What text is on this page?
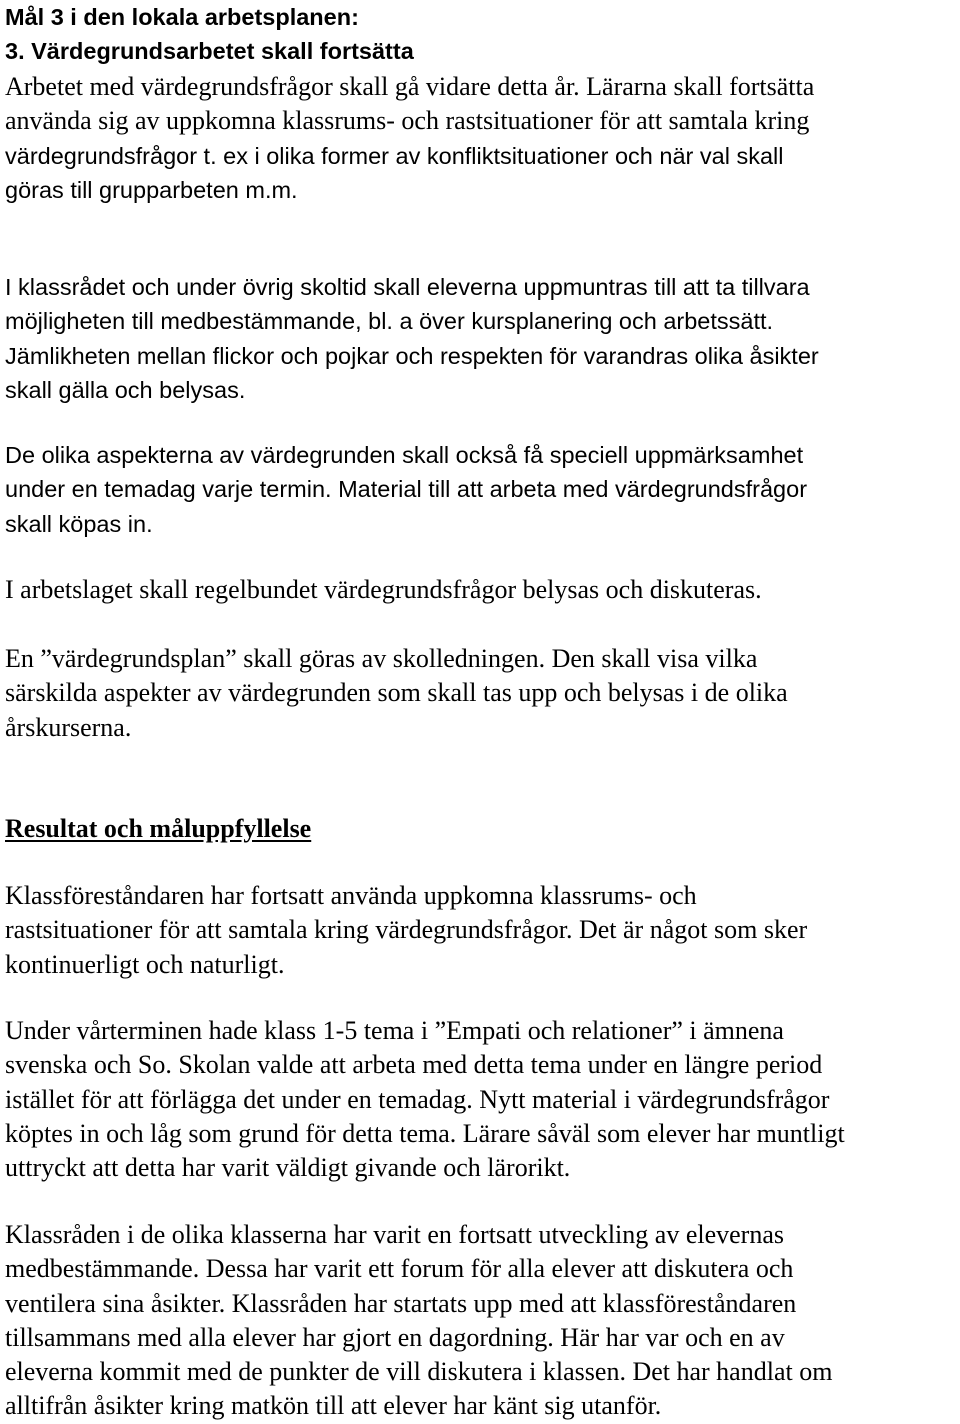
Mål 3 i den lokala arbetsplanen:
3. Värdegrundsarbetet skall fortsätta
Arbetet med värdegrundsfrågor skall gå vidare detta år. Lärarna skall fortsätta
använda sig av uppkomna klassrums- och rastsituationer för att samtala kring
värdegrundsfrågor t. ex i olika former av konfliktsituationer och när val skall
göras till grupparbeten m.m.
I klassrådet och under övrig skoltid skall eleverna uppmuntras till att ta tillvara
möjligheten till medbestämmande, bl. a över kursplanering och arbetssätt.
Jämlikheten mellan flickor och pojkar och respekten för varandras olika åsikter
skall gälla och belysas.
De olika aspekterna av värdegrunden skall också få speciell uppmärksamhet
under en temadag varje termin. Material till att arbeta med värdegrundsfrågor
skall köpas in.
I arbetslaget skall regelbundet värdegrundsfrågor belysas och diskuteras.
En ”värdegrundsplan” skall göras av skolledningen. Den skall visa vilka
särskilda aspekter av värdegrunden som skall tas upp och belysas i de olika
årskurserna.
Resultat och måluppfyllelse
Klassföreståndaren har fortsatt använda uppkomna klassrums- och
rastsituationer för att samtala kring värdegrundsfrågor. Det är något som sker
kontinuerligt och naturligt.
Under vårterminen hade klass 1-5 tema i ”Empati och relationer” i ämnena
svenska och So. Skolan valde att arbeta med detta tema under en längre period
istället för att förlägga det under en temadag. Nytt material i värdegrundsfrågor
köptes in och låg som grund för detta tema. Lärare såväl som elever har muntligt
uttryckt att detta har varit väldigt givande och lärorikt.
Klassråden i de olika klasserna har varit en fortsatt utveckling av elevernas
medbestämmande. Dessa har varit ett forum för alla elever att diskutera och
ventilera sina åsikter. Klassråden har startats upp med att klassföreståndaren
tillsammans med alla elever har gjort en dagordning. Här har var och en av
eleverna kommit med de punkter de vill diskutera i klassen. Det har handlat om
alltifrån åsikter kring matkön till att elever har känt sig utanför.
